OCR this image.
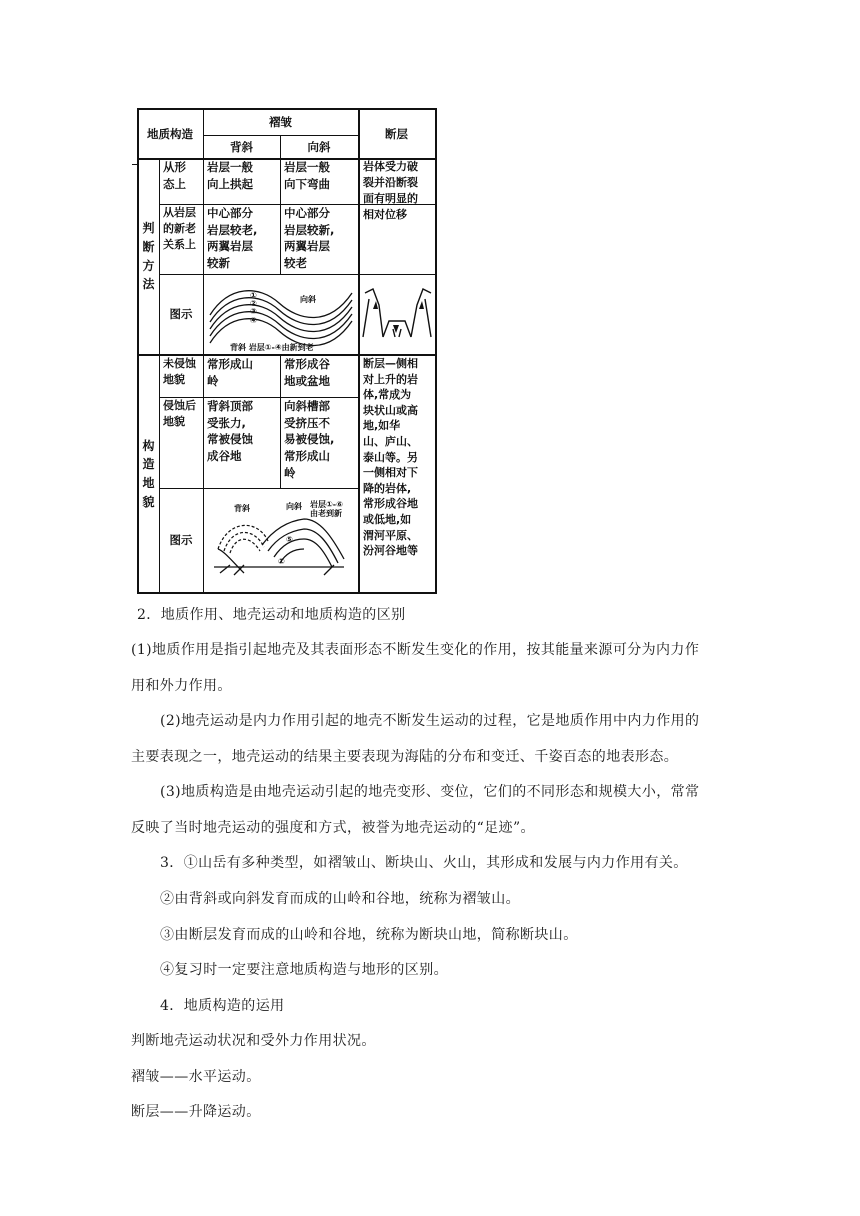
地质构造
褶皱
背斜	向斜
断层
判
断
方
法
从形
态上
岩层一般
向上拱起
岩层一般
向下弯曲
岩体受力破
裂并沿断裂
面有明显的
相对位移
从岩层
的新老
关系上
中心部分
岩层较老,
两翼岩层
较新
中心部分
岩层较新,
两翼岩层
较老
图示
①
②
③
④
向斜
背斜 岩层①-④由新到老
构
造
地
貌
未侵蚀
地貌
常形成山
岭
常形成谷
地或盆地
侵蚀后
地貌
背斜顶部
受张力,
常被侵蚀
成谷地
向斜槽部
受挤压不
易被侵蚀,
常形成山
岭
断层—侧相
对上升的岩
体,常成为
块状山或高
地,如华
山、庐山、
泰山等。另
一侧相对下
降的岩体,
常形成谷地
或低地,如
渭河平原、
汾河谷地等
图示
背斜	向斜 岩层①-⑥
由老到新
⑤
①
2．地质作用、地壳运动和地质构造的区别
(1)地质作用是指引起地壳及其表面形态不断发生变化的作用，按其能量来源可分为内力作
用和外力作用。
(2)地壳运动是内力作用引起的地壳不断发生运动的过程，它是地质作用中内力作用的
主要表现之一，地壳运动的结果主要表现为海陆的分布和变迁、千姿百态的地表形态。
(3)地质构造是由地壳运动引起的地壳变形、变位，它们的不同形态和规模大小，常常
反映了当时地壳运动的强度和方式，被誉为地壳运动的“足迹”。
3．①山岳有多种类型，如褶皱山、断块山、火山，其形成和发展与内力作用有关。
②由背斜或向斜发育而成的山岭和谷地，统称为褶皱山。
③由断层发育而成的山岭和谷地，统称为断块山地，简称断块山。
④复习时一定要注意地质构造与地形的区别。
4．地质构造的运用
判断地壳运动状况和受外力作用状况。
褶皱——水平运动。
断层——升降运动。
